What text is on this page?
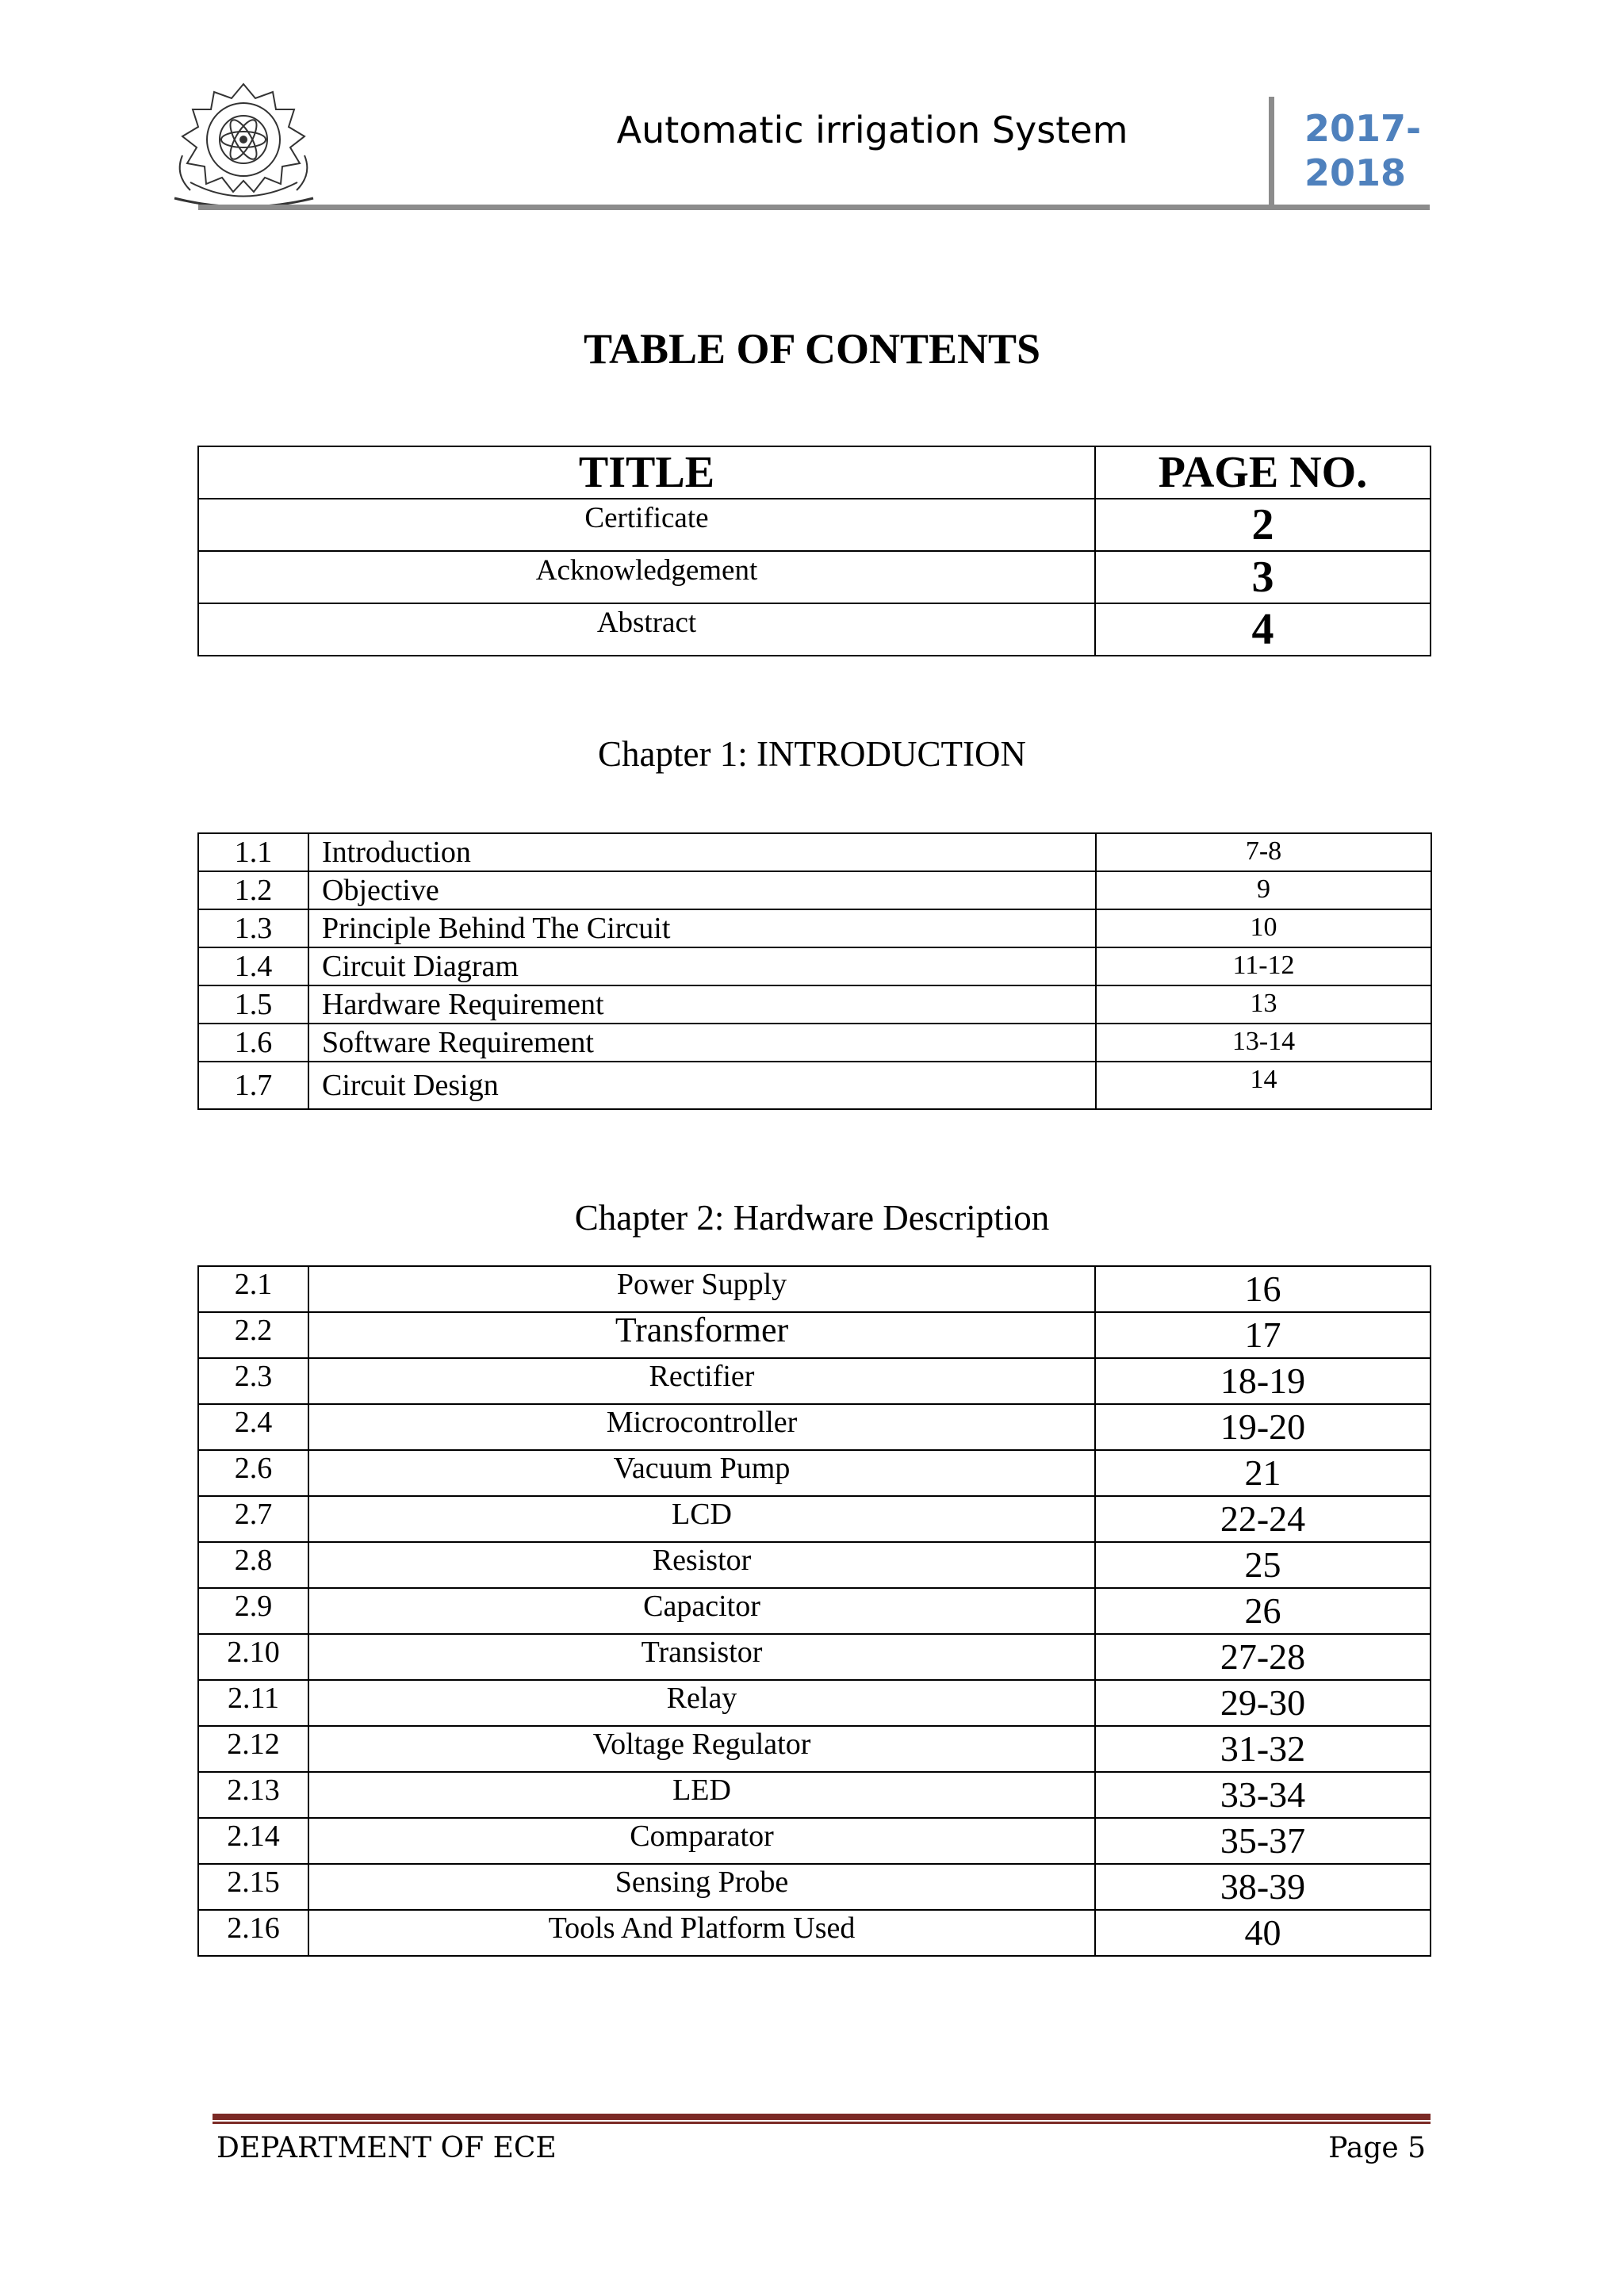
Automatic irrigation System	2017-
2018
TABLE OF CONTENTS
TITLE	PAGE NO.
Certificate	2
Acknowledgement	3
Abstract	4
Chapter 1: INTRODUCTION
1.1	Introduction	7-8
1.2	Objective	9
1.3	Principle Behind The Circuit	10
1.4	Circuit Diagram	11-12
1.5	Hardware Requirement	13
1.6	Software Requirement	13-14
1.7	Circuit Design	14
Chapter 2: Hardware Description
2.1	Power Supply	16
2.2	Transformer	17
2.3	Rectifier	18-19
2.4	Microcontroller	19-20
2.6	Vacuum Pump	21
2.7	LCD	22-24
2.8	Resistor	25
2.9	Capacitor	26
2.10	Transistor	27-28
2.11	Relay	29-30
2.12	Voltage Regulator	31-32
2.13	LED	33-34
2.14	Comparator	35-37
2.15	Sensing Probe	38-39
2.16	Tools And Platform Used	40
DEPARTMENT OF ECE	Page 5
